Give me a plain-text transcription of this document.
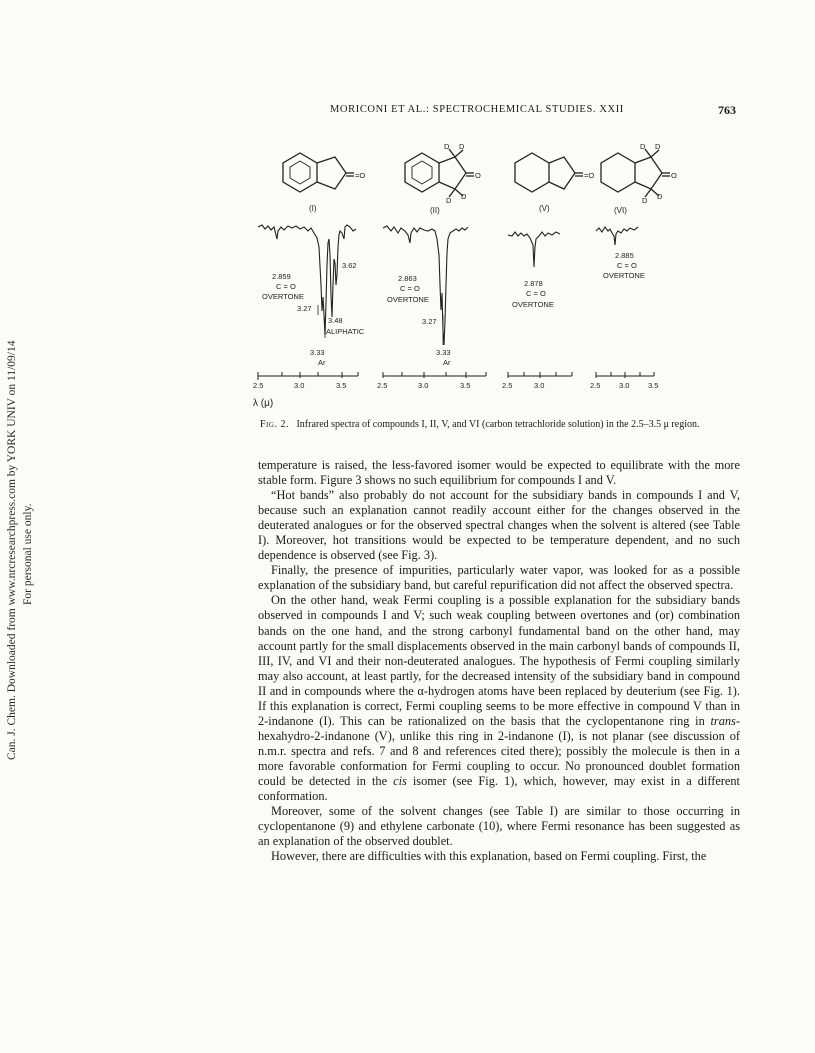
Can. J. Chem. Downloaded from www.nrcresearchpress.com by YORK UNIV on 11/09/14 For personal use only.
MORICONI ET AL.: SPECTROCHEMICAL STUDIES. XXII	763
=O
(I)
D D
O
D D
(II)
=O
(V)
D D
O
D D
(VI)
2.859
C = O
OVERTONE
3.27
3.62
3.48
ALIPHATIC
3.33
Ar
2.863
C = O
OVERTONE
3.27
3.33
Ar
2.878
C = O
OVERTONE
2.885
C = O
OVERTONE
2.5	3.0	3.5	2.5	3.0	3.5	2.5	3.0	2.5 3.0 3.5
λ (μ)
Fig. 2. Infrared spectra of compounds I, II, V, and VI (carbon tetrachloride solution) in the 2.5–3.5 μ region.

temperature is raised, the less-favored isomer would be expected to equilibrate with the more stable form. Figure 3 shows no such equilibrium for compounds I and V.

“Hot bands” also probably do not account for the subsidiary bands in compounds I and V, because such an explanation cannot readily account either for the changes observed in the deuterated analogues or for the observed spectral changes when the solvent is altered (see Table I). Moreover, hot transitions would be expected to be temperature dependent, and no such dependence is observed (see Fig. 3).

Finally, the presence of impurities, particularly water vapor, was looked for as a possible explanation of the subsidiary band, but careful repurification did not affect the observed spectra.

On the other hand, weak Fermi coupling is a possible explanation for the subsidiary bands observed in compounds I and V; such weak coupling between overtones and (or) combination bands on the one hand, and the strong carbonyl fundamental band on the other hand, may account partly for the small displacements observed in the main carbonyl bands of compounds II, III, IV, and VI and their non-deuterated analogues. The hypothesis of Fermi coupling similarly may also account, at least partly, for the decreased intensity of the subsidiary band in compound II and in compounds where the α-hydrogen atoms have been replaced by deuterium (see Fig. 1). If this explanation is correct, Fermi coupling seems to be more effective in compound V than in 2-indanone (I). This can be rationalized on the basis that the cyclopentanone ring in trans-hexahydro-2-indanone (V), unlike this ring in 2-indanone (I), is not planar (see discussion of n.m.r. spectra and refs. 7 and 8 and references cited there); possibly the molecule is then in a more favorable conformation for Fermi coupling to occur. No pronounced doublet formation could be detected in the cis isomer (see Fig. 1), which, however, may exist in a different conformation.

Moreover, some of the solvent changes (see Table I) are similar to those occurring in cyclopentanone (9) and ethylene carbonate (10), where Fermi resonance has been suggested as an explanation of the observed doublet.

However, there are difficulties with this explanation, based on Fermi coupling. First, the
